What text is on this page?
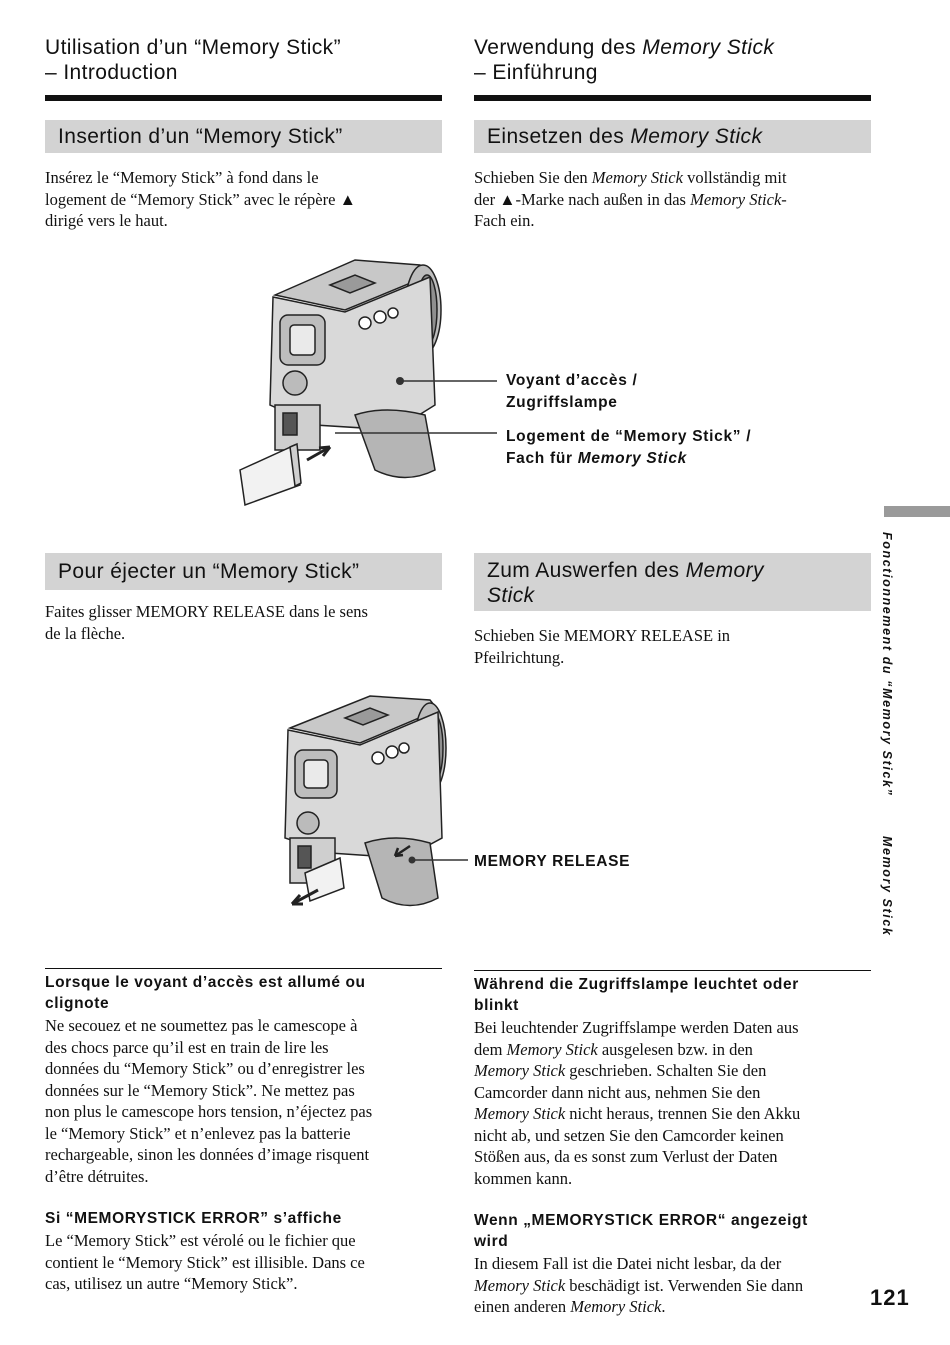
Utilisation d’un “Memory Stick”
– Introduction
Insertion d’un “Memory Stick”
Insérez le “Memory Stick” à fond dans le
logement de “Memory Stick” avec le répère ▲
dirigé vers le haut.
Pour éjecter un “Memory Stick”
Faites glisser MEMORY RELEASE dans le sens
de la flèche.
Lorsque le voyant d’accès est allumé ou
clignote
Ne secouez et ne soumettez pas le camescope à
des chocs parce qu’il est en train de lire les
données du “Memory Stick” ou d’enregistrer les
données sur le “Memory Stick”. Ne mettez pas
non plus le camescope hors tension, n’éjectez pas
le “Memory Stick” et n’enlevez pas la batterie
rechargeable, sinon les données d’image risquent
d’être détruites.
Si “MEMORYSTICK ERROR” s’affiche
Le “Memory Stick” est vérolé ou le fichier que
contient le “Memory Stick” est illisible. Dans ce
cas, utilisez un autre “Memory Stick”.
Verwendung des Memory Stick
– Einführung
Einsetzen des Memory Stick
Schieben Sie den Memory Stick vollständig mit
der ▲-Marke nach außen in das Memory Stick-
Fach ein.
Zum Auswerfen des Memory
Stick
Schieben Sie MEMORY RELEASE in
Pfeilrichtung.
Während die Zugriffslampe leuchtet oder
blinkt
Bei leuchtender Zugriffslampe werden Daten aus
dem Memory Stick ausgelesen bzw. in den
Memory Stick geschrieben. Schalten Sie den
Camcorder dann nicht aus, nehmen Sie den
Memory Stick nicht heraus, trennen Sie den Akku
nicht ab, und setzen Sie den Camcorder keinen
Stößen aus, da es sonst zum Verlust der Daten
kommen kann.
Wenn „MEMORYSTICK ERROR“ angezeigt
wird
In diesem Fall ist die Datei nicht lesbar, da der
Memory Stick beschädigt ist. Verwenden Sie dann
einen anderen Memory Stick.
Voyant d’accès /
Zugriffslampe
Logement de “Memory Stick” /
Fach für Memory Stick
MEMORY RELEASE
Fonctionnement du “Memory Stick”
Memory Stick
121
